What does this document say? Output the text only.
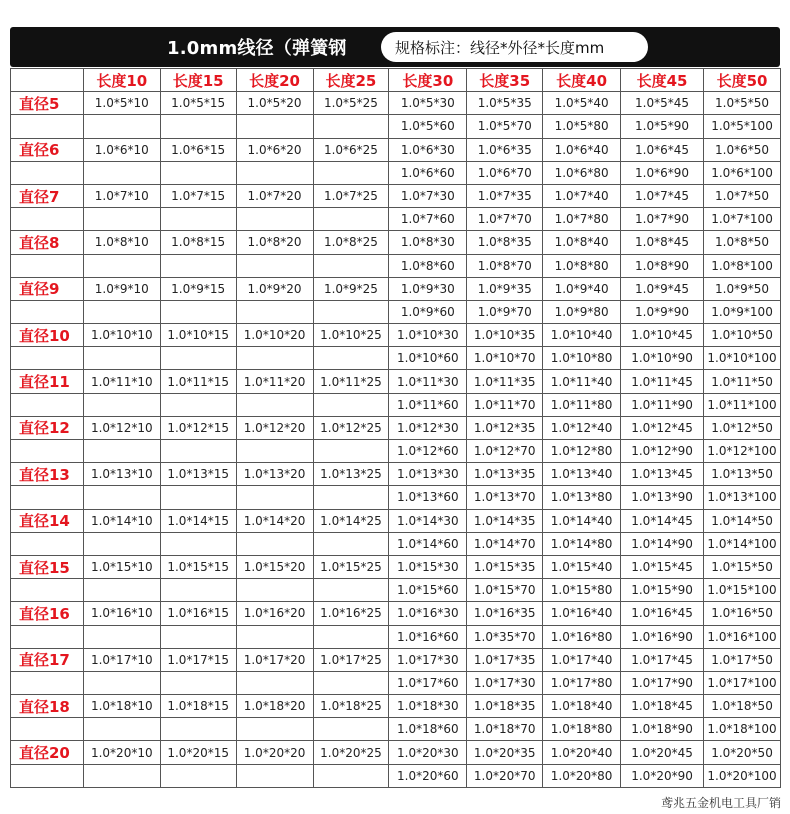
1.0mm线径（弹簧钢	规格标注：线径*外径*长度mm
	长度10	长度15	长度20	长度25	长度30	长度35	长度40	长度45	长度50
直径5	1.0*5*10	1.0*5*15	1.0*5*20	1.0*5*25	1.0*5*30	1.0*5*35	1.0*5*40	1.0*5*45	1.0*5*50
					1.0*5*60	1.0*5*70	1.0*5*80	1.0*5*90	1.0*5*100
直径6	1.0*6*10	1.0*6*15	1.0*6*20	1.0*6*25	1.0*6*30	1.0*6*35	1.0*6*40	1.0*6*45	1.0*6*50
					1.0*6*60	1.0*6*70	1.0*6*80	1.0*6*90	1.0*6*100
直径7	1.0*7*10	1.0*7*15	1.0*7*20	1.0*7*25	1.0*7*30	1.0*7*35	1.0*7*40	1.0*7*45	1.0*7*50
					1.0*7*60	1.0*7*70	1.0*7*80	1.0*7*90	1.0*7*100
直径8	1.0*8*10	1.0*8*15	1.0*8*20	1.0*8*25	1.0*8*30	1.0*8*35	1.0*8*40	1.0*8*45	1.0*8*50
					1.0*8*60	1.0*8*70	1.0*8*80	1.0*8*90	1.0*8*100
直径9	1.0*9*10	1.0*9*15	1.0*9*20	1.0*9*25	1.0*9*30	1.0*9*35	1.0*9*40	1.0*9*45	1.0*9*50
					1.0*9*60	1.0*9*70	1.0*9*80	1.0*9*90	1.0*9*100
直径10	1.0*10*10	1.0*10*15	1.0*10*20	1.0*10*25	1.0*10*30	1.0*10*35	1.0*10*40	1.0*10*45	1.0*10*50
					1.0*10*60	1.0*10*70	1.0*10*80	1.0*10*90	1.0*10*100
直径11	1.0*11*10	1.0*11*15	1.0*11*20	1.0*11*25	1.0*11*30	1.0*11*35	1.0*11*40	1.0*11*45	1.0*11*50
					1.0*11*60	1.0*11*70	1.0*11*80	1.0*11*90	1.0*11*100
直径12	1.0*12*10	1.0*12*15	1.0*12*20	1.0*12*25	1.0*12*30	1.0*12*35	1.0*12*40	1.0*12*45	1.0*12*50
					1.0*12*60	1.0*12*70	1.0*12*80	1.0*12*90	1.0*12*100
直径13	1.0*13*10	1.0*13*15	1.0*13*20	1.0*13*25	1.0*13*30	1.0*13*35	1.0*13*40	1.0*13*45	1.0*13*50
					1.0*13*60	1.0*13*70	1.0*13*80	1.0*13*90	1.0*13*100
直径14	1.0*14*10	1.0*14*15	1.0*14*20	1.0*14*25	1.0*14*30	1.0*14*35	1.0*14*40	1.0*14*45	1.0*14*50
					1.0*14*60	1.0*14*70	1.0*14*80	1.0*14*90	1.0*14*100
直径15	1.0*15*10	1.0*15*15	1.0*15*20	1.0*15*25	1.0*15*30	1.0*15*35	1.0*15*40	1.0*15*45	1.0*15*50
					1.0*15*60	1.0*15*70	1.0*15*80	1.0*15*90	1.0*15*100
直径16	1.0*16*10	1.0*16*15	1.0*16*20	1.0*16*25	1.0*16*30	1.0*16*35	1.0*16*40	1.0*16*45	1.0*16*50
					1.0*16*60	1.0*35*70	1.0*16*80	1.0*16*90	1.0*16*100
直径17	1.0*17*10	1.0*17*15	1.0*17*20	1.0*17*25	1.0*17*30	1.0*17*35	1.0*17*40	1.0*17*45	1.0*17*50
					1.0*17*60	1.0*17*30	1.0*17*80	1.0*17*90	1.0*17*100
直径18	1.0*18*10	1.0*18*15	1.0*18*20	1.0*18*25	1.0*18*30	1.0*18*35	1.0*18*40	1.0*18*45	1.0*18*50
					1.0*18*60	1.0*18*70	1.0*18*80	1.0*18*90	1.0*18*100
直径20	1.0*20*10	1.0*20*15	1.0*20*20	1.0*20*25	1.0*20*30	1.0*20*35	1.0*20*40	1.0*20*45	1.0*20*50
					1.0*20*60	1.0*20*70	1.0*20*80	1.0*20*90	1.0*20*100
鸢兆五金机电工具厂销
